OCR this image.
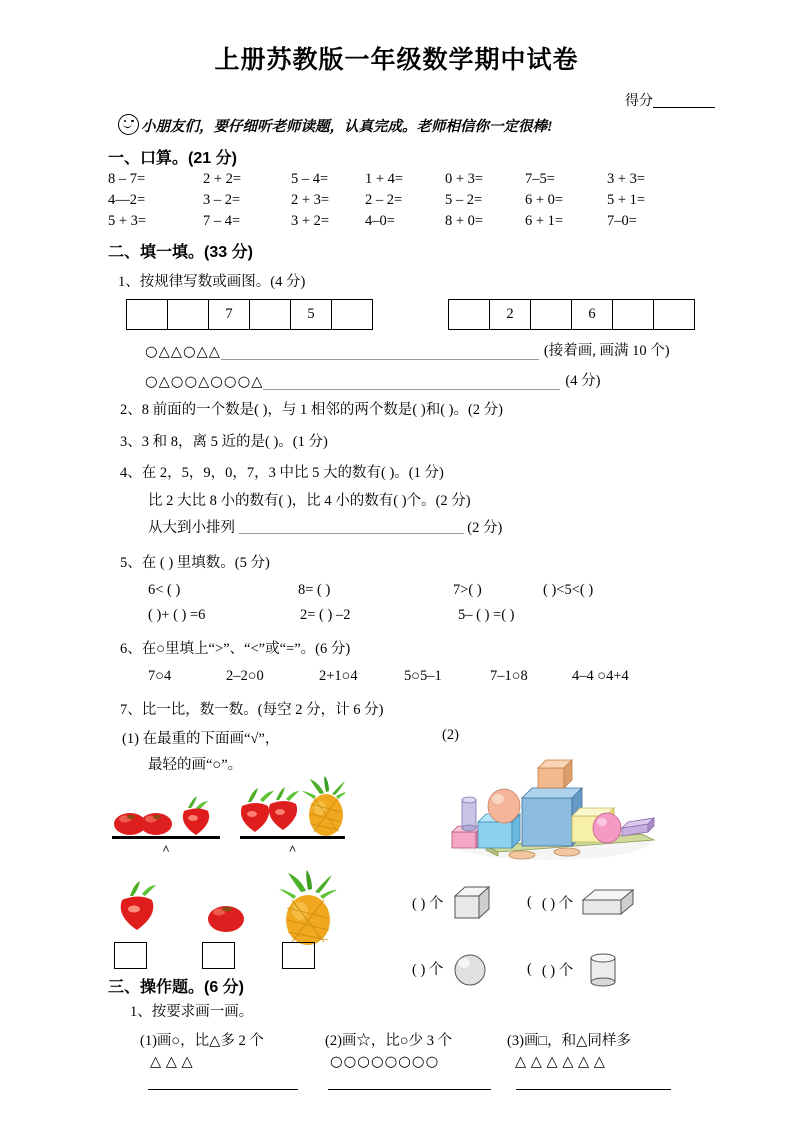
上册苏教版一年级数学期中试卷
得分
小朋友们，要仔细听老师读题，认真完成。老师相信你一定很棒!
一、口算。(21 分)
8 – 7=	2 + 2=	5 – 4=	1 + 4=	0 + 3=	7–5=	3 + 3=
4—2=	3 – 2=	2 + 3=	2 – 2=	5 – 2=	6 + 0=	5 + 1=
5 + 3=	7 – 4=	3 + 2=	4–0=	8 + 0=	6 + 1=	7–0=
二、填一填。(33 分)
1、按规律写数或画图。(4 分)
		7		5	
		2		6		
○△△○△△	(接着画, 画满 10 个)
○△○○△○○○△	(4 分)
2、8 前面的一个数是( )，与 1 相邻的两个数是( )和( )。(2 分)
3、3 和 8，离 5 近的是( )。(1 分)
4、在 2，5，9，0，7，3 中比 5 大的数有( )。(1 分)
比 2 大比 8 小的数有( )，比 4 小的数有( )个。(2 分)
从大到小排列	(2 分)
5、在 ( ) 里填数。(5 分)
6< ( )	8= ( )	7>( )	( )<5<( )
( )+ ( ) =6	2= ( ) –2	5– ( ) =( )
6、在○里填上“>”、“<”或“=”。(6 分)
7○4	2–2○0	2+1○4	5○5–1	7–1○8	4–4 ○4+4
7、比一比，数一数。(每空 2 分，计 6 分)
(1) 在最重的下面画“√”，	(2)
最轻的画“○”。
^	^
( ) 个
( ) 个
( ( ) 个
( ( ) 个
三、操作题。(6 分)
1、按要求画一画。
(1)画○，比△多 2 个	(2)画☆，比○少 3 个	(3)画□，和△同样多
△ △ △	○○○○○○○○	△ △ △ △ △ △
